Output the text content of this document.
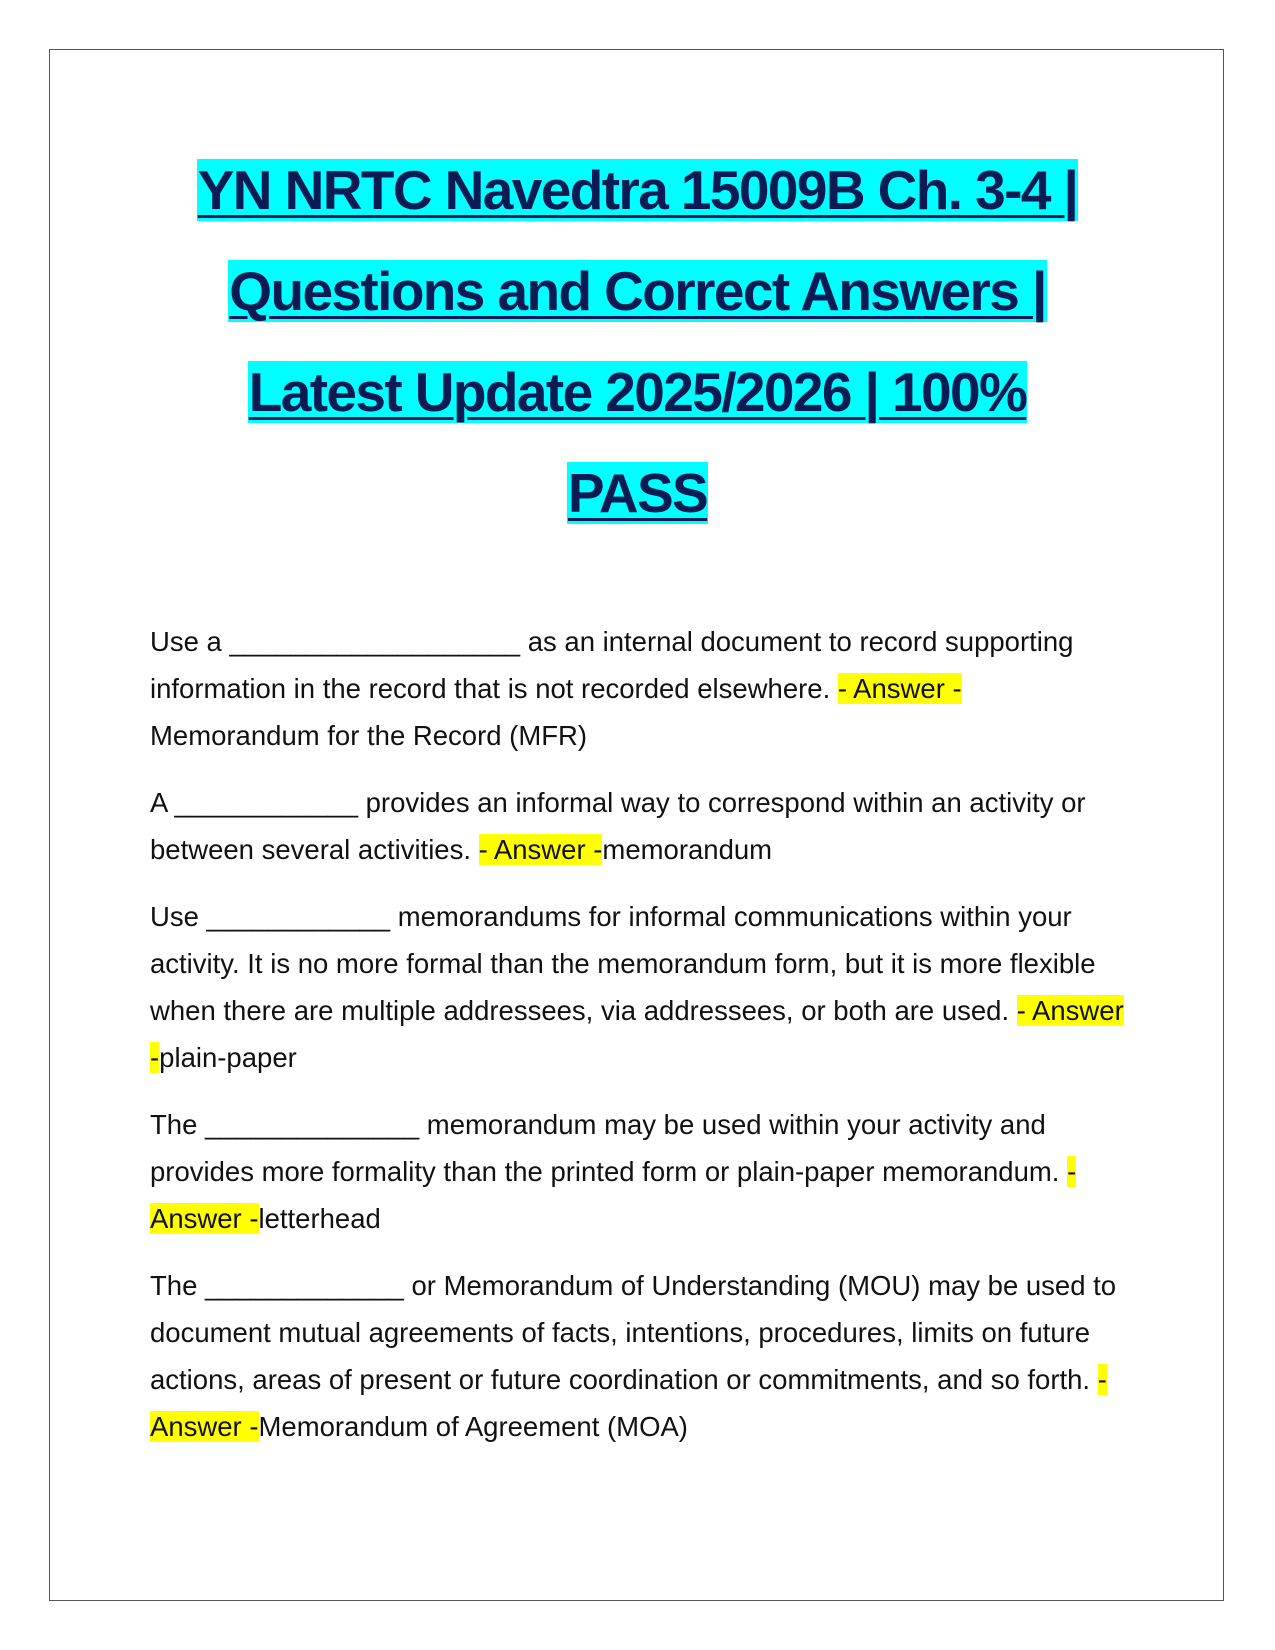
YN NRTC Navedtra 15009B Ch. 3-4 |
Questions and Correct Answers |
Latest Update 2025/2026 | 100%
PASS

Use a ___________________ as an internal document to record supporting information in the record that is not recorded elsewhere. - Answer -Memorandum for the Record (MFR)

A ____________ provides an informal way to correspond within an activity or between several activities. - Answer -memorandum

Use ____________ memorandums for informal communications within your activity. It is no more formal than the memorandum form, but it is more flexible when there are multiple addressees, via addressees, or both are used. - Answer -plain-paper

The ______________ memorandum may be used within your activity and provides more formality than the printed form or plain-paper memorandum. - Answer -letterhead

The _____________ or Memorandum of Understanding (MOU) may be used to document mutual agreements of facts, intentions, procedures, limits on future actions, areas of present or future coordination or commitments, and so forth. - Answer -Memorandum of Agreement (MOA)
